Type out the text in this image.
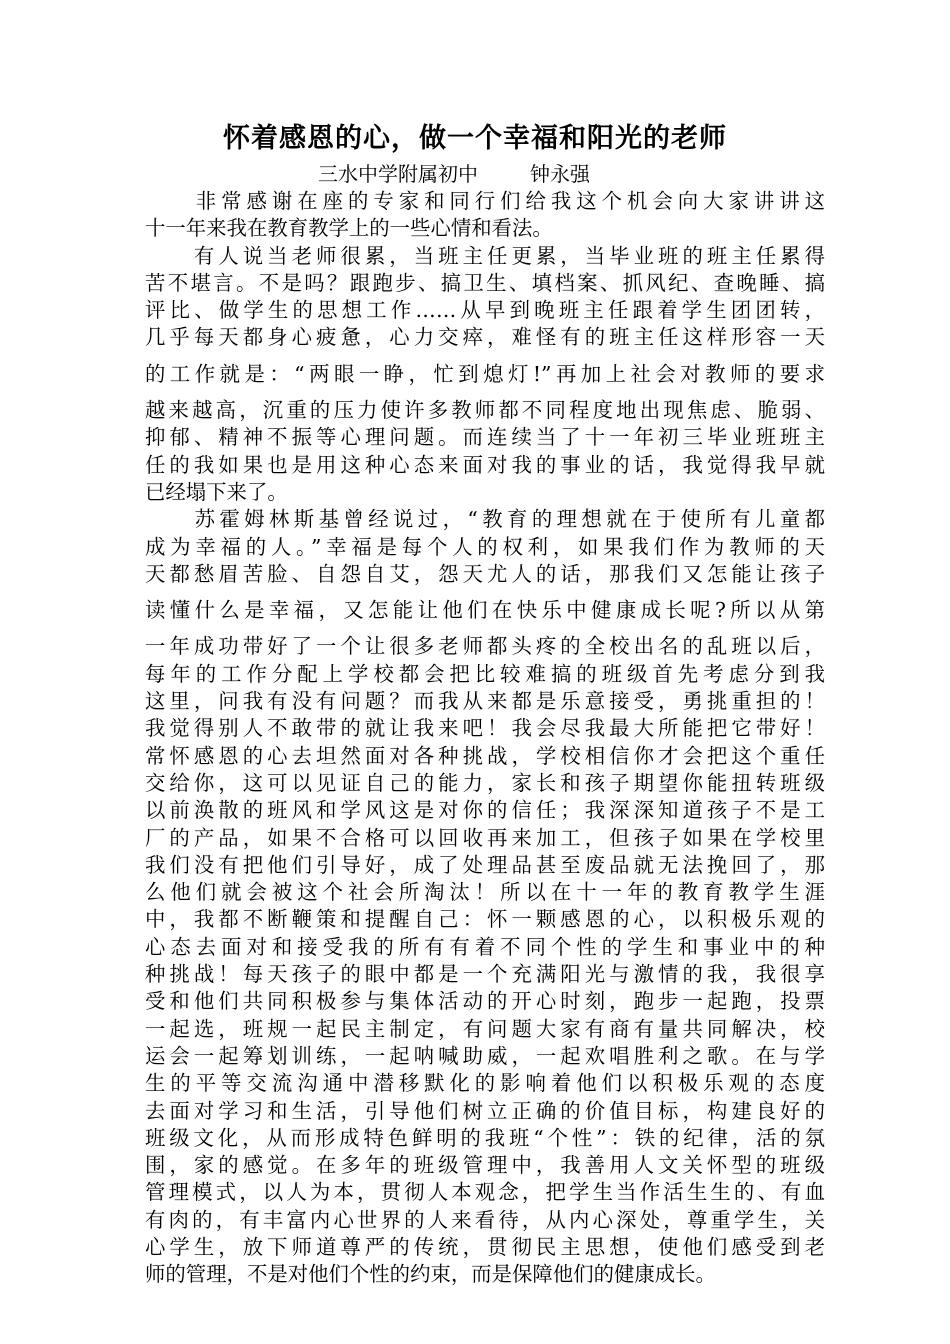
怀着感恩的心，做一个幸福和阳光的老师
三水中学附属初中	钟永强
　　非常感谢在座的专家和同行们给我这个机会向大家讲讲这
十一年来我在教育教学上的一些心情和看法。
　　有人说当老师很累，当班主任更累，当毕业班的班主任累得
苦不堪言。不是吗？跟跑步、搞卫生、填档案、抓风纪、查晚睡、搞
评比、做学生的思想工作……从早到晚班主任跟着学生团团转，
几乎每天都身心疲惫，心力交瘁，难怪有的班主任这样形容一天
的工作就是：“两眼一睁，忙到熄灯!”再加上社会对教师的要求
越来越高，沉重的压力使许多教师都不同程度地出现焦虑、脆弱、
抑郁、精神不振等心理问题。而连续当了十一年初三毕业班班主
任的我如果也是用这种心态来面对我的事业的话，我觉得我早就
已经塌下来了。
　　苏霍姆林斯基曾经说过，“教育的理想就在于使所有儿童都
成为幸福的人。”幸福是每个人的权利，如果我们作为教师的天
天都愁眉苦脸、自怨自艾，怨天尤人的话，那我们又怎能让孩子
读懂什么是幸福，又怎能让他们在快乐中健康成长呢?所以从第
一年成功带好了一个让很多老师都头疼的全校出名的乱班以后，
每年的工作分配上学校都会把比较难搞的班级首先考虑分到我
这里，问我有没有问题？而我从来都是乐意接受，勇挑重担的！
我觉得别人不敢带的就让我来吧！我会尽我最大所能把它带好！
常怀感恩的心去坦然面对各种挑战，学校相信你才会把这个重任
交给你，这可以见证自己的能力，家长和孩子期望你能扭转班级
以前涣散的班风和学风这是对你的信任；我深深知道孩子不是工
厂的产品，如果不合格可以回收再来加工，但孩子如果在学校里
我们没有把他们引导好，成了处理品甚至废品就无法挽回了，那
么他们就会被这个社会所淘汰！所以在十一年的教育教学生涯
中，我都不断鞭策和提醒自己：怀一颗感恩的心，以积极乐观的
心态去面对和接受我的所有有着不同个性的学生和事业中的种
种挑战！每天孩子的眼中都是一个充满阳光与激情的我，我很享
受和他们共同积极参与集体活动的开心时刻，跑步一起跑，投票
一起选，班规一起民主制定，有问题大家有商有量共同解决，校
运会一起筹划训练，一起呐喊助威，一起欢唱胜利之歌。在与学
生的平等交流沟通中潜移默化的影响着他们以积极乐观的态度
去面对学习和生活，引导他们树立正确的价值目标，构建良好的
班级文化，从而形成特色鲜明的我班“个性”：铁的纪律，活的氛
围，家的感觉。在多年的班级管理中，我善用人文关怀型的班级
管理模式，以人为本，贯彻人本观念，把学生当作活生生的、有血
有肉的，有丰富内心世界的人来看待，从内心深处，尊重学生，关
心学生，放下师道尊严的传统，贯彻民主思想，使他们感受到老
师的管理，不是对他们个性的约束，而是保障他们的健康成长。
